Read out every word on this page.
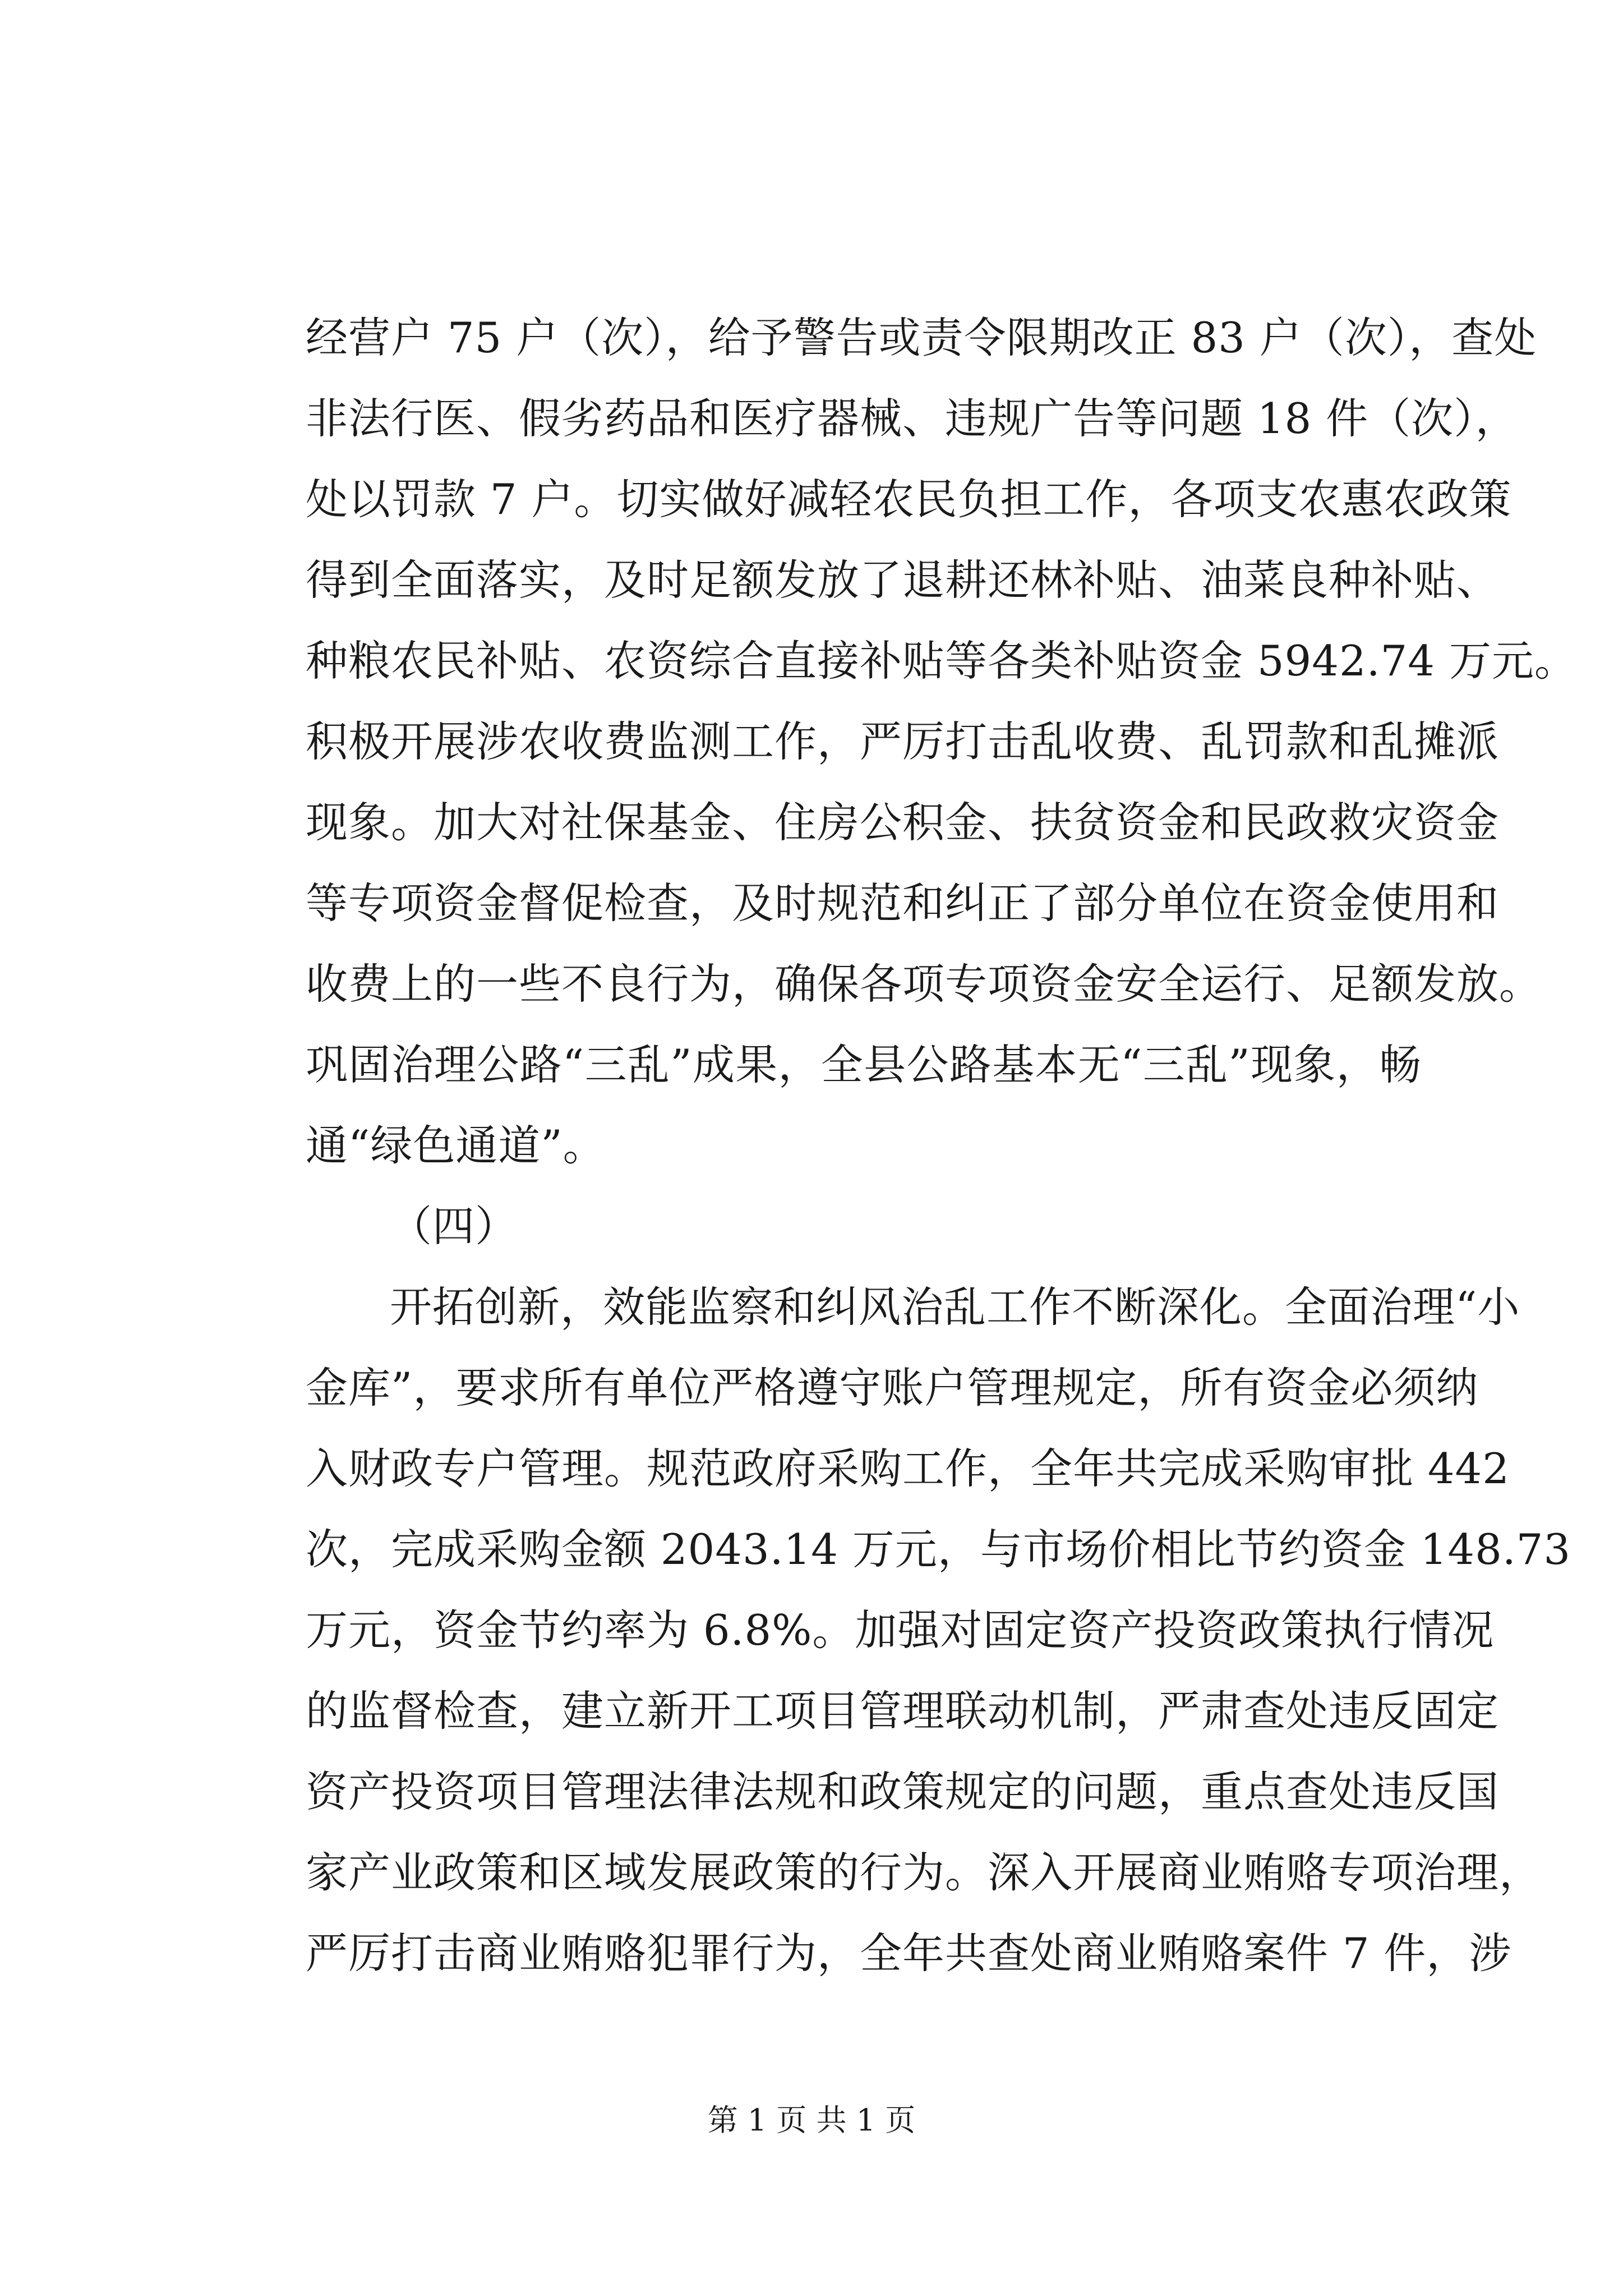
经营户 75 户（次），给予警告或责令限期改正 83 户（次），查处
非法行医、假劣药品和医疗器械、违规广告等问题 18 件（次），
处以罚款 7 户。切实做好减轻农民负担工作，各项支农惠农政策
得到全面落实，及时足额发放了退耕还林补贴、油菜良种补贴、
种粮农民补贴、农资综合直接补贴等各类补贴资金 5942.74 万元。
积极开展涉农收费监测工作，严厉打击乱收费、乱罚款和乱摊派
现象。加大对社保基金、住房公积金、扶贫资金和民政救灾资金
等专项资金督促检查，及时规范和纠正了部分单位在资金使用和
收费上的一些不良行为，确保各项专项资金安全运行、足额发放。
巩固治理公路“三乱”成果，全县公路基本无“三乱”现象，畅
通“绿色通道”。
（四）
开拓创新，效能监察和纠风治乱工作不断深化。全面治理“小
金库”，要求所有单位严格遵守账户管理规定，所有资金必须纳
入财政专户管理。规范政府采购工作，全年共完成采购审批 442
次，完成采购金额 2043.14 万元，与市场价相比节约资金 148.73
万元，资金节约率为 6.8%。加强对固定资产投资政策执行情况
的监督检查，建立新开工项目管理联动机制，严肃查处违反固定
资产投资项目管理法律法规和政策规定的问题，重点查处违反国
家产业政策和区域发展政策的行为。深入开展商业贿赂专项治理，
严厉打击商业贿赂犯罪行为，全年共查处商业贿赂案件 7 件，涉
第 1 页 共 1 页
